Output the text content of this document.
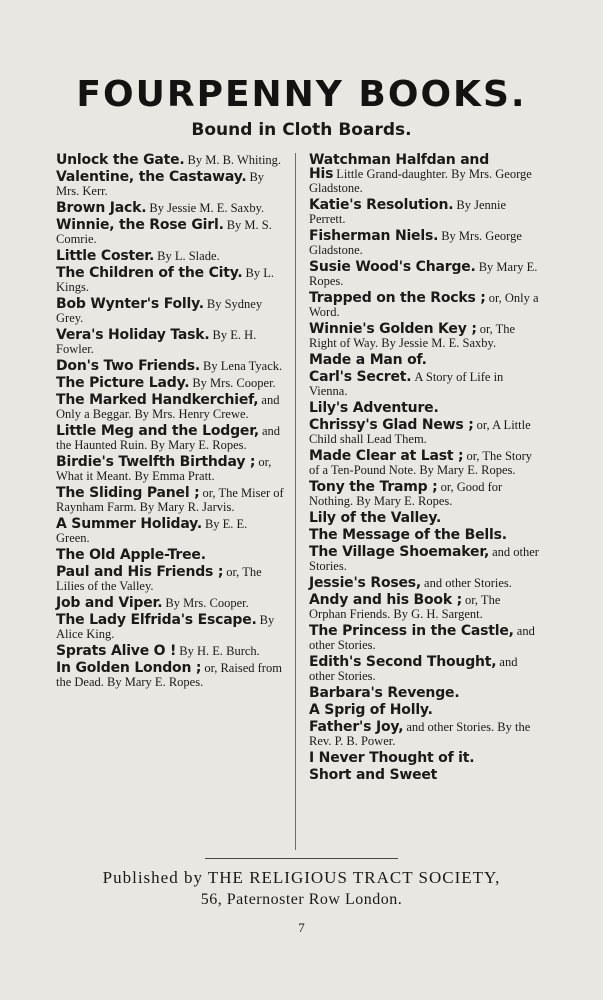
FOURPENNY BOOKS.
Bound in Cloth Boards.
Unlock the Gate. By M. B. Whiting.
Valentine, the Castaway. By Mrs. Kerr.
Brown Jack. By Jessie M. E. Saxby.
Winnie, the Rose Girl. By M. S. Comrie.
Little Coster. By L. Slade.
The Children of the City. By L. Kings.
Bob Wynter's Folly. By Sydney Grey.
Vera's Holiday Task. By E. H. Fowler.
Don's Two Friends. By Lena Tyack.
The Picture Lady. By Mrs. Cooper.
The Marked Handkerchief, and Only a Beggar. By Mrs. Henry Crewe.
Little Meg and the Lodger, and the Haunted Ruin. By Mary E. Ropes.
Birdie's Twelfth Birthday ; or, What it Meant. By Emma Pratt.
The Sliding Panel ; or, The Miser of Raynham Farm. By Mary R. Jarvis.
A Summer Holiday. By E. E. Green.
The Old Apple-Tree.
Paul and His Friends ; or, The Lilies of the Valley.
Job and Viper. By Mrs. Cooper.
The Lady Elfrida's Escape. By Alice King.
Sprats Alive O ! By H. E. Burch.
In Golden London ; or, Raised from the Dead. By Mary E. Ropes.
Watchman Halfdan and His Little Grand-daughter. By Mrs. George Gladstone.
Katie's Resolution. By Jennie Perrett.
Fisherman Niels. By Mrs. George Gladstone.
Susie Wood's Charge. By Mary E. Ropes.
Trapped on the Rocks ; or, Only a Word.
Winnie's Golden Key ; or, The Right of Way. By Jessie M. E. Saxby.
Made a Man of.
Carl's Secret. A Story of Life in Vienna.
Lily's Adventure.
Chrissy's Glad News ; or, A Little Child shall Lead Them.
Made Clear at Last ; or, The Story of a Ten-Pound Note. By Mary E. Ropes.
Tony the Tramp ; or, Good for Nothing. By Mary E. Ropes.
Lily of the Valley.
The Message of the Bells.
The Village Shoemaker, and other Stories.
Jessie's Roses, and other Stories.
Andy and his Book ; or, The Orphan Friends. By G. H. Sargent.
The Princess in the Castle, and other Stories.
Edith's Second Thought, and other Stories.
Barbara's Revenge.
A Sprig of Holly.
Father's Joy, and other Stories. By the Rev. P. B. Power.
I Never Thought of it.
Short and Sweet
Published by THE RELIGIOUS TRACT SOCIETY,
56, Paternoster Row London.
7
